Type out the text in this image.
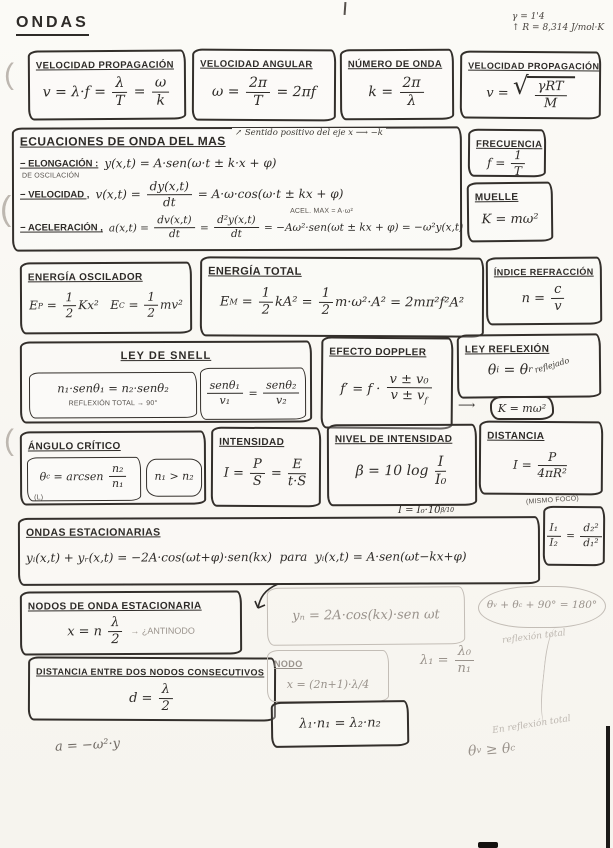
ONDAS	γ = 1'4
↑ R = 8,314 J/mol·K
(
(
(
VELOCIDAD PROPAGACIÓN
$v = \lambda\cdot f = \frac{\lambda}{T} = \frac{\omega}{k}$
VELOCIDAD ANGULAR
$\omega = \frac{2\pi}{T} = 2\pi f$
NÚMERO DE ONDA
$k = \frac{2\pi}{\lambda}$
VELOCIDAD PROPAGACIÓN
v = √ $\frac{\text{γRT}}{M}$
ECUACIONES DE ONDA DEL MAS
− ELONGACIÓN : y(x,t) = A·sen(ω·t ± k·x + φ)
DE OSCILACIÓN
− VELOCIDAD , $v(x,t) = \frac{dy(x,t)}{dt} = A\cdot\omega\cdot\cos(\omega\cdot t$ ± kx + φ)
ACEL. MAX = A·ω²
− ACELERACIÓN , $a(x,t) = \frac{dv(x,t)}{dt} = \frac{\text{d²y(x,t)}}{dt} = -A\omega^2\cdot sen(\omega t$ ± kx + φ) = −ω²y(x,t)
↗ Sentido positivo del eje x ⟶ −k
FRECUENCIA
$f = \frac{1}{T}$
MUELLE
K = mω²
ENERGÍA OSCILADOR
E $P = \frac{1}{2} Kx^2$   E $C = \frac{1}{2} mv^2$
ENERGÍA TOTAL
E $M = \frac{1}{2} kA^2 = \frac{1}{2} m\cdot\omega^2\cdot A^2 = 2m\pi^2f^2A^2$
ÍNDICE REFRACCIÓN
$n = \frac{c}{v}$
LEY DE SNELL
n₁·senθ₁ = n₂·senθ₂
REFLEXIÓN TOTAL → 90°	$\frac{\text{senθ₁}}{\text{v₁}} = \frac{\text{senθ₂}}{\text{v₂}}$
EFECTO DOPPLER
$f' = f \cdot \frac{\text{v ± v₀}}{v \pm v_f}$
LEY REFLEXIÓN
θ i = θ r reflejado
⟶ K = mω²
ÁNGULO CRÍTICO
θ c = arcsen $\frac{\text{n₂}}{\text{n₁}}$
(L)
n₁ > n₂
INTENSIDAD
$I = \frac{P}{S} = \frac{E}{t\cdot S}$
NIVEL DE INTENSIDAD
β = 10 $\log \frac{I}{\text{I₀}}$
I = I₀·10 β/10
DISTANCIA
$I = \frac{P}{\text{4πR²}}$
(MISMO FOCO)
$\frac{\text{I₁}}{\text{I₂}} = \frac{\text{d₂²}}{\text{d₁²}}$
ONDAS ESTACIONARIAS
yᵢ(x,t) + yᵣ(x,t) = −2A·cos(ωt+φ)·sen(kx)  para  yᵢ(x,t) = A·sen(ωt−kx+φ)
NODOS DE ONDA ESTACIONARIA
x = n $\frac{\lambda}{2}$ → ¿ANTINODO
yₙ = 2A·cos(kx)·sen ωt
θ v + θ c + 90° = 180°
reflexión total
DISTANCIA ENTRE DOS NODOS CONSECUTIVOS
$d = \frac{\lambda}{2}$
NODO
x = (2n+1)·λ/4
$\lambda_1 = \frac{\text{λ₀}}{\text{n₁}}$
λ₁·n₁ = λ₂·n₂
a = −ω²·y
En reflexión total
θ v ≥ θ c
